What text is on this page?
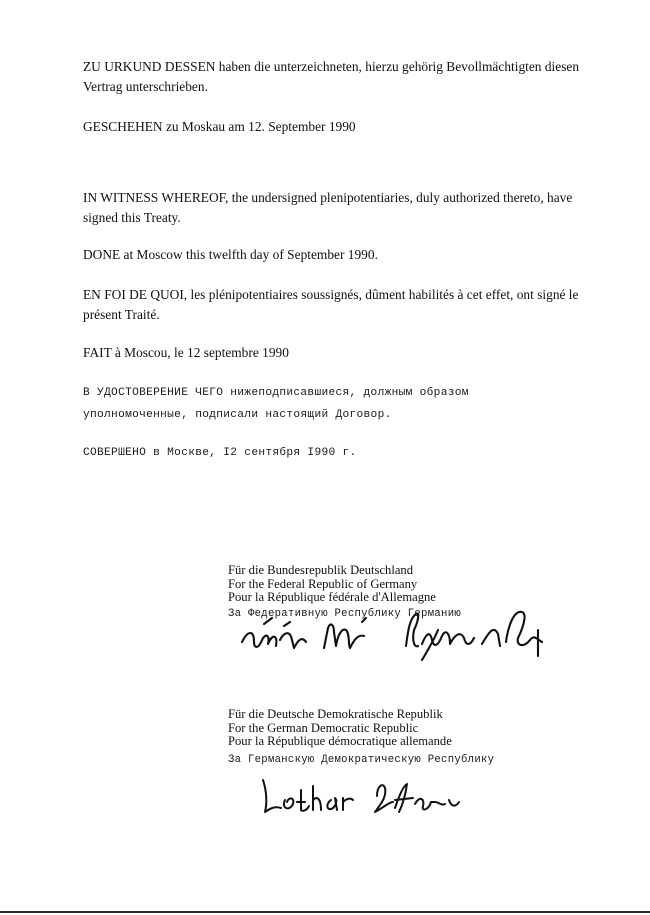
ZU URKUND DESSEN haben die unterzeichneten, hierzu gehörig Bevollmächtigten diesen Vertrag unterschrieben.
GESCHEHEN zu Moskau am 12. September 1990
IN WITNESS WHEREOF, the undersigned plenipotentiaries, duly authorized thereto, have signed this Treaty.
DONE at Moscow this twelfth day of September 1990.
EN FOI DE QUOI, les plénipotentiaires soussignés, dûment habilités à cet effet, ont signé le présent Traité.
FAIT à Moscou, le 12 septembre 1990
В УДОСТОВЕРЕНИЕ ЧЕГО нижеподписавшиеся, должным образом
уполномоченные, подписали настоящий Договор.
СОВЕРШЕНО в Москве, I2 сентября I990 г.
Für die Bundesrepublik Deutschland
For the Federal Republic of Germany
Pour la République fédérale d'Allemagne
За Федеративную Республику Германию
Für die Deutsche Demokratische Republik
For the German Democratic Republic
Pour la République démocratique allemande
За Германскую Демократическую Республику
